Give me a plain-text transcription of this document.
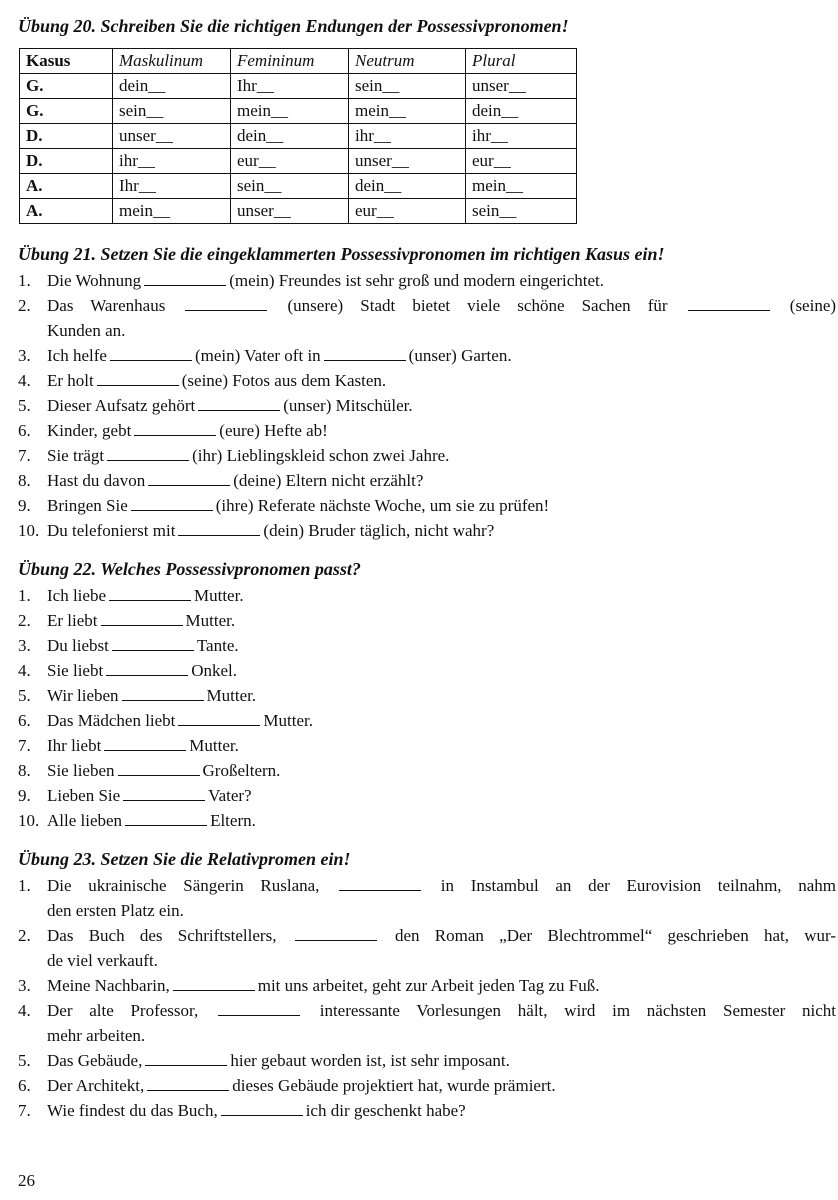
Übung 20. Schreiben Sie die richtigen Endungen der Possessivpronomen!
Kasus	Maskulinum	Femininum	Neutrum	Plural
G.	dein__	Ihr__	sein__	unser__
G.	sein__	mein__	mein__	dein__
D.	unser__	dein__	ihr__	ihr__
D.	ihr__	eur__	unser__	eur__
A.	Ihr__	sein__	dein__	mein__
A.	mein__	unser__	eur__	sein__
Übung 21. Setzen Sie die eingeklammerten Possessivpronomen im richtigen Kasus ein!
1. Die Wohnung	(mein) Freundes ist sehr groß und modern eingerichtet.
2. Das Warenhaus	(unsere) Stadt bietet viele schöne Sachen für	(seine)
Kunden an.
3. Ich helfe	(mein) Vater oft in	(unser) Garten.
4. Er holt	(seine) Fotos aus dem Kasten.
5. Dieser Aufsatz gehört	(unser) Mitschüler.
6. Kinder, gebt	(eure) Hefte ab!
7. Sie trägt	(ihr) Lieblingskleid schon zwei Jahre.
8. Hast du davon	(deine) Eltern nicht erzählt?
9. Bringen Sie	(ihre) Referate nächste Woche, um sie zu prüfen!
10. Du telefonierst mit	(dein) Bruder täglich, nicht wahr?
Übung 22. Welches Possessivpronomen passt?
1. Ich liebe	Mutter.
2. Er liebt	Mutter.
3. Du liebst	Tante.
4. Sie liebt	Onkel.
5. Wir lieben	Mutter.
6. Das Mädchen liebt	Mutter.
7. Ihr liebt	Mutter.
8. Sie lieben	Großeltern.
9. Lieben Sie	Vater?
10. Alle lieben	Eltern.
Übung 23. Setzen Sie die Relativpromen ein!
1. Die ukrainische Sängerin Ruslana,	in Instambul an der Eurovision teilnahm, nahm
den ersten Platz ein.
2. Das Buch des Schriftstellers,	den Roman „Der Blechtrommel“ geschrieben hat, wur-
de viel verkauft.
3. Meine Nachbarin,	mit uns arbeitet, geht zur Arbeit jeden Tag zu Fuß.
4. Der alte Professor,	interessante Vorlesungen hält, wird im nächsten Semester nicht
mehr arbeiten.
5. Das Gebäude,	hier gebaut worden ist, ist sehr imposant.
6. Der Architekt,	dieses Gebäude projektiert hat, wurde prämiert.
7. Wie findest du das Buch,	ich dir geschenkt habe?
26
